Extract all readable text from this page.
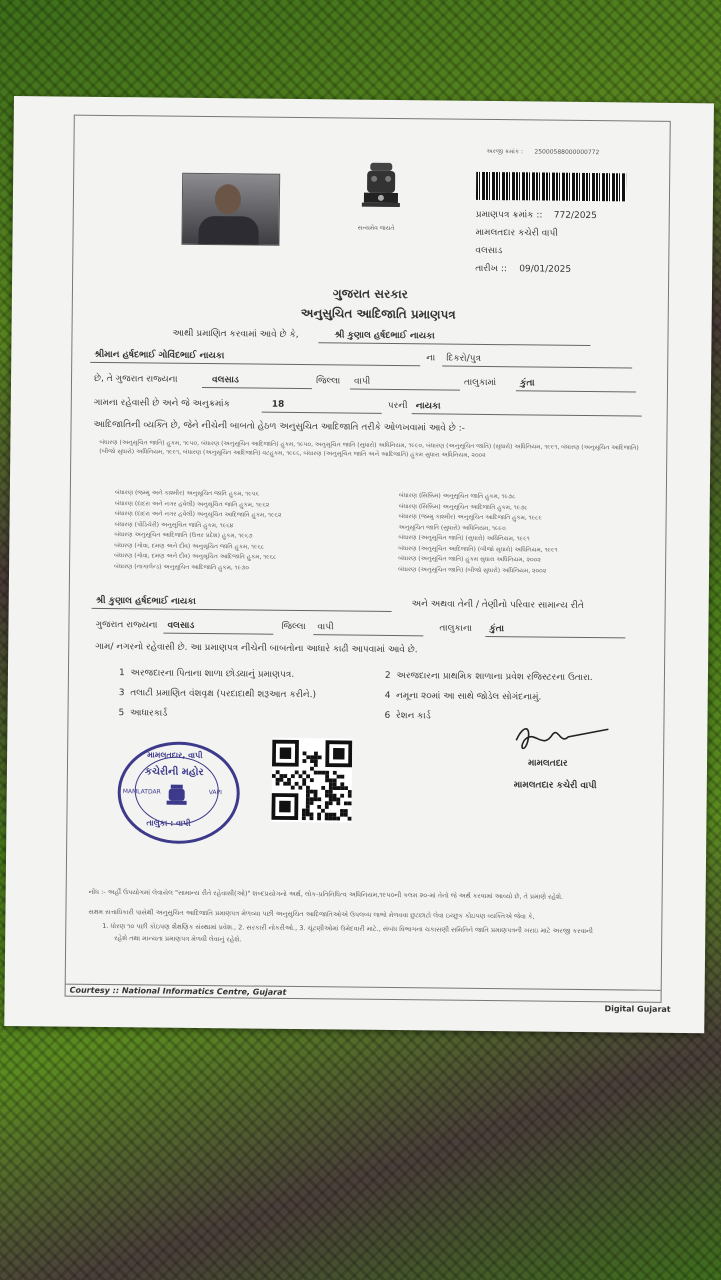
સત્યમેવ જયતે
અરજી ક્રમાંક : 25000588000000772
પ્રમાણપત્ર ક્રમાંક :: 772/2025
મામલતદાર કચેરી વાપી
વલસાડ
તારીખ :: 09/01/2025
ગુજરાત સરકાર
અનુસુચિત આદિજાતિ પ્રમાણપત્ર
આથી પ્રમાણિત કરવામાં આવે છે કે,	શ્રી કુણાલ હર્ષદભાઈ નાયકા
શ્રીમાન હર્ષદભાઈ ગોવિંદભાઈ નાયકા	ના દિકરો/પુત્ર
છે, તે ગુજરાત રાજ્યના	વલસાડ	જિલ્લા વાપી	તાલુકામાં	કુંતા
ગામના રહેવાસી છે અને જે અનુક્રમાંક	18	પરની નાયકા
આદિજાતિની વ્યક્તિ છે, જેને નીચેની બાબતો હેઠળ અનુસુચિત આદિજાતિ તરીકે ઓળખવામાં આવે છે :-
બંધારણ (અનુસૂચિત જાતિ) હુકમ, ૧૯૫૦, બંધારણ (અનુસૂચિત આદિજાતિ) હુકમ, ૧૯૫૦, અનુસૂચિત જાતિ (સુધારો) અધિનિયમ, ૧૯૯૦, બંધારણ (અનુસૂચિત જાતિ) (સુધારો) અધિનિયમ, ૧૯૯૧, બંધારણ (અનુસૂચિત આદિજાતિ) (બીજો સુધારો) અધિનિયમ, ૧૯૯૧, બંધારણ (અનુસૂચિત આદિજાતિ) વટહુકમ, ૧૯૯૬, બંધારણ (અનુસૂચિત જાતિ અને આદિજાતિ) હુકમ સુધારા અધિનિયમ, ૨૦૦૨
બંધારણ (જમ્મુ અને કાશ્મીર) અનુસૂચિત જાતિ હુકમ, ૧૯૫૬
બંધારણ (દાદરા અને નગર હવેલી) અનુસૂચિત જાતિ હુકમ, ૧૯૬૨
બંધારણ (દાદરા અને નગર હવેલી) અનુસૂચિત આદિજાતિ હુકમ, ૧૯૬૨
બંધારણ (પોંડિચેરી) અનુસૂચિત જાતિ હુકમ, ૧૯૬૪
બંધારણ અનુસૂચિત આદિજાતિ (ઉત્તર પ્રદેશ) હુકમ, ૧૯૬૭
બંધારણ (ગોવા, દમણ અને દીવ) અનુસૂચિત જાતિ હુકમ, ૧૯૬૮
બંધારણ (ગોવા, દમણ અને દીવ) અનુસૂચિત આદિજાતિ હુકમ, ૧૯૬૮
બંધારણ (નાગાલેન્ડ) અનુસૂચિત આદિજાતિ હુકમ, ૧૯૭૦
બંધારણ (સિક્કિમ) અનુસૂચિત જાતિ હુકમ, ૧૯૭૮
બંધારણ (સિક્કિમ) અનુસૂચિત આદિજાતિ હુકમ, ૧૯૭૮
બંધારણ (જમ્મુ કાશ્મીર) અનુસૂચિત આદિજાતિ હુકમ, ૧૯૮૯
અનુસૂચિત જાતિ (સુધારો) અધિનિયમ, ૧૯૯૦
બંધારણ (અનુસૂચિત જાતિ) (સુધારો) અધિનિયમ, ૧૯૯૧
બંધારણ (અનુસૂચિત આદિજાતિ) (બીજો સુધારો) અધિનિયમ, ૧૯૯૧
બંધારણ (અનુસૂચિત જાતિ) હુકમ સુધારા અધિનિયમ, ૨૦૦૨
બંધારણ (અનુસૂચિત જાતિ) (બીજો સુધારો) અધિનિયમ, ૨૦૦૨
શ્રી કુણાલ હર્ષદભાઈ નાયકા	અને અથવા તેની / તેણીનો પરિવાર સામાન્ય રીતે
ગુજરાત રાજ્યના વલસાડ	જિલ્લા વાપી	તાલુકાના કુંતા
ગામ/ નગરનો રહેવાસી છે. આ પ્રમાણપત્ર નીચેની બાબતોના આધારે કાઢી આપવામાં આવે છે.
1 અરજદારના પિતાના શાળા છોડ્યાનું પ્રમાણપત્ર.	2 અરજદારના પ્રાથમિક શાળાના પ્રવેશ રજિસ્ટરના ઉતારા.
3 તલાટી પ્રમાણિત વંશવૃક્ષ (પરદાદાથી શરૂઆત કરીને.)	4 નમૂના ૨૦માં આ સાથે જોડેલ સોગંદનામું.
5 આધારકાર્ડ	6 રેશન કાર્ડ
મામલતદાર
મામલતદાર કચેરી વાપી
મામલતદાર, વાપી
કચેરીની મહોર
MAMLATDAR	VAPI
તાલુકા : વાપી
નોંધ :- અહીં ઉપયોગમાં લેવાયેલ "સામાન્ય રીતે રહેવાસી(ઓ)" શબ્દપ્રયોગનો અર્થ, લોક-પ્રતિનિધિત્વ અધિનિયમ,૧૯૫૦ની કલમ ૨૦-માં તેનો જે અર્થ કરવામાં આવ્યો છે, તે પ્રમાણે રહેશે.
સક્ષમ સત્તાધિકારી પાસેથી અનુસુચિત આદિજાતિ પ્રમાણપત્ર મેળવ્યા પછી અનુસુચિત આદિજાતિઓએ ઉપલબ્ધ લાભો મેળવવા છુટછાટો લેવા ઇચ્છુક કોઇપણ વ્યક્તિએ જેવા કે,
1. ધોરણ ૧૦ પછી કોઇપણ શૈક્ષણિક સંસ્થામાં પ્રવેશ., 2. સરકારી નોકરીઓ., 3. ચૂંટણીઓમાં ઉમેદવારી માટે., સંબંધ વિભાગના ચકાસણી સમિતિને જાતિ પ્રમાણપત્રની ખરાઇ માટે અરજી કરવાની
રહેશે તથા માન્યતા પ્રમાણપત્ર મેળવી લેવાનું રહેશે.
Courtesy :: National Informatics Centre, Gujarat
Digital Gujarat
